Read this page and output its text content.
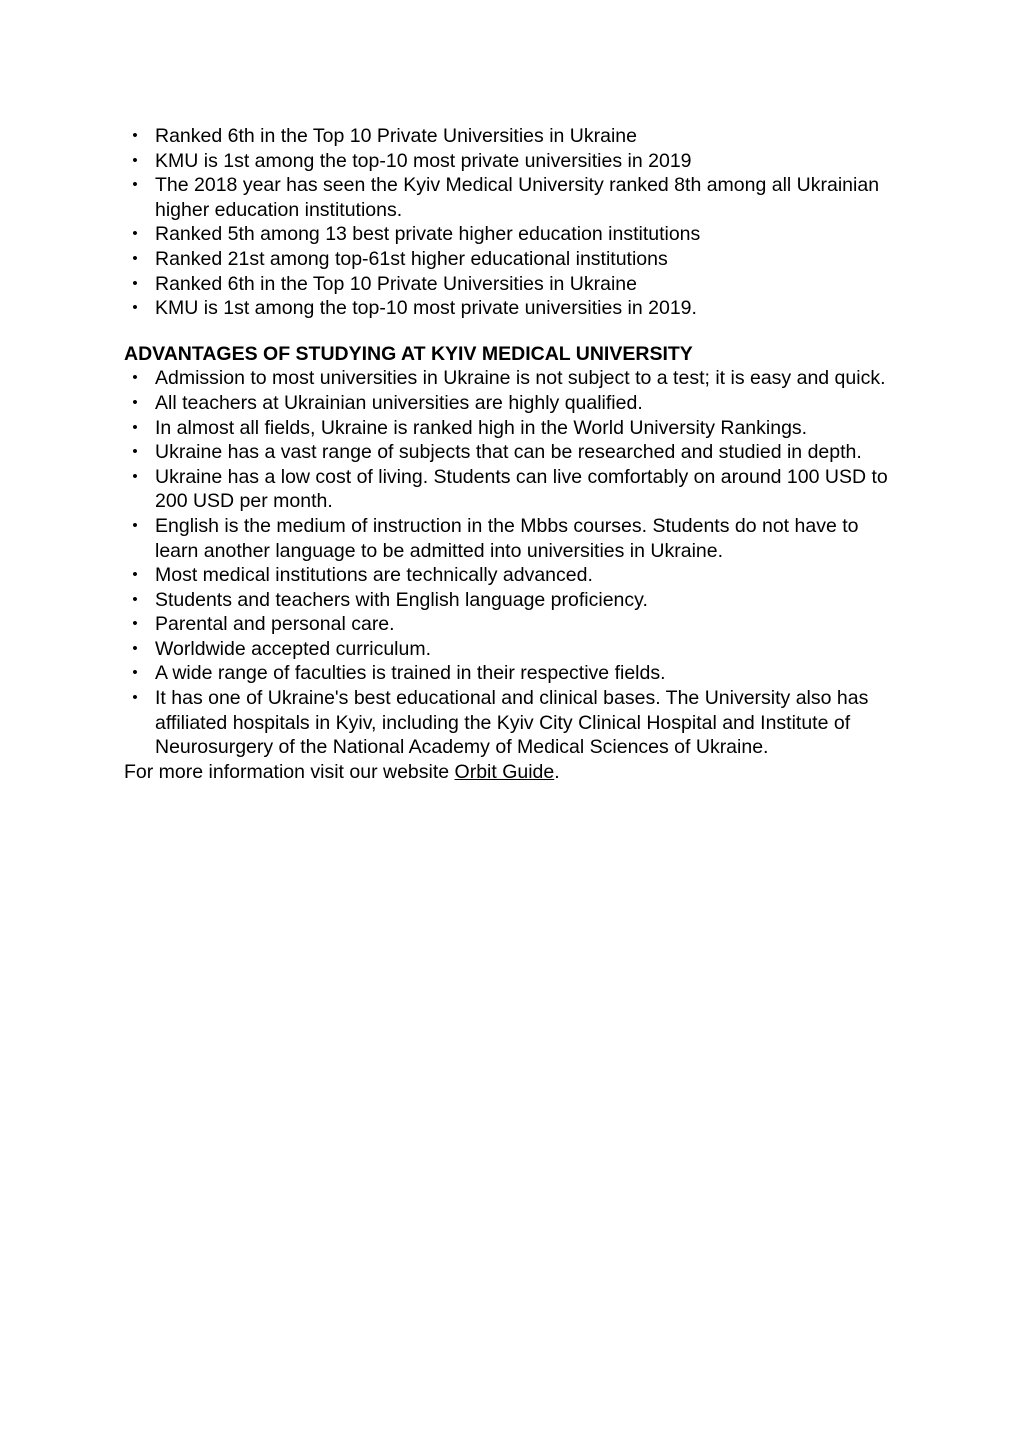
• Ranked 6th in the Top 10 Private Universities in Ukraine
• KMU is 1st among the top-10 most private universities in 2019
• The 2018 year has seen the Kyiv Medical University ranked 8th among all Ukrainian higher education institutions.
• Ranked 5th among 13 best private higher education institutions
• Ranked 21st among top-61st higher educational institutions
• Ranked 6th in the Top 10 Private Universities in Ukraine
• KMU is 1st among the top-10 most private universities in 2019.
ADVANTAGES OF STUDYING AT KYIV MEDICAL UNIVERSITY
• Admission to most universities in Ukraine is not subject to a test; it is easy and quick.
• All teachers at Ukrainian universities are highly qualified.
• In almost all fields, Ukraine is ranked high in the World University Rankings.
• Ukraine has a vast range of subjects that can be researched and studied in depth.
• Ukraine has a low cost of living. Students can live comfortably on around 100 USD to 200 USD per month.
• English is the medium of instruction in the Mbbs courses. Students do not have to learn another language to be admitted into universities in Ukraine.
• Most medical institutions are technically advanced.
• Students and teachers with English language proficiency.
• Parental and personal care.
• Worldwide accepted curriculum.
• A wide range of faculties is trained in their respective fields.
• It has one of Ukraine's best educational and clinical bases. The University also has affiliated hospitals in Kyiv, including the Kyiv City Clinical Hospital and Institute of Neurosurgery of the National Academy of Medical Sciences of Ukraine.
For more information visit our website Orbit Guide.
